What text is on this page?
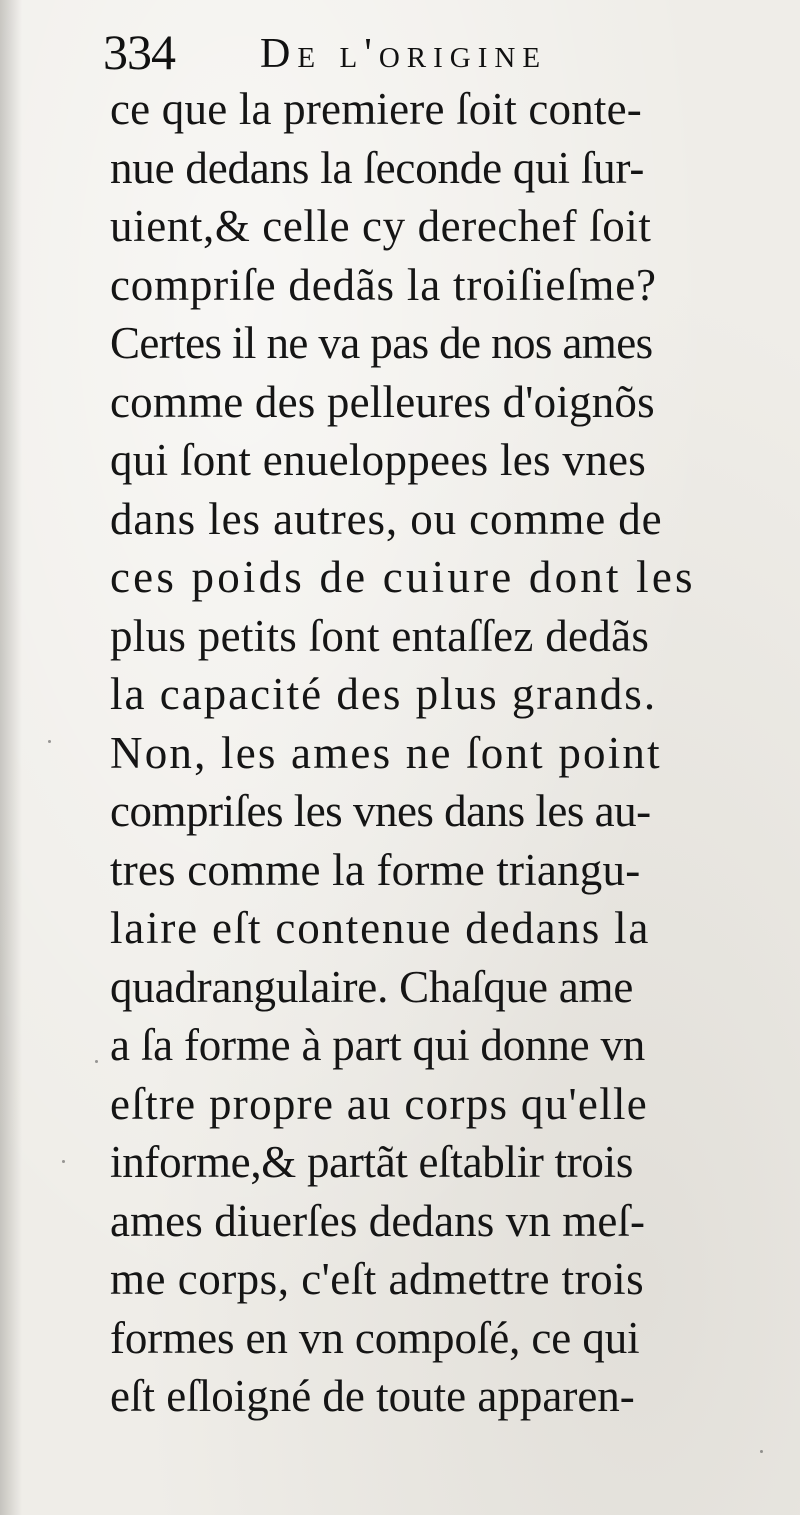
334 De l'origine
ce que la premiere ſoit conte-
nue dedans la ſeconde qui ſur-
uient,& celle cy derechef ſoit
compriſe dedãs la troiſieſme?
Certes il ne va pas de nos ames
comme des pelleures d'oignõs
qui ſont enueloppees les vnes
dans les autres, ou comme de
ces poids de cuiure dont les
plus petits ſont entaſſez dedãs
la capacité des plus grands.
Non, les ames ne ſont point
compriſes les vnes dans les au-
tres comme la forme triangu-
laire eſt contenue dedans la
quadrangulaire. Chaſque ame
a ſa forme à part qui donne vn
eſtre propre au corps qu'elle
informe,& partãt eſtablir trois
ames diuerſes dedans vn meſ-
me corps, c'eſt admettre trois
formes en vn compoſé, ce qui
eſt eſloigné de toute apparen-
